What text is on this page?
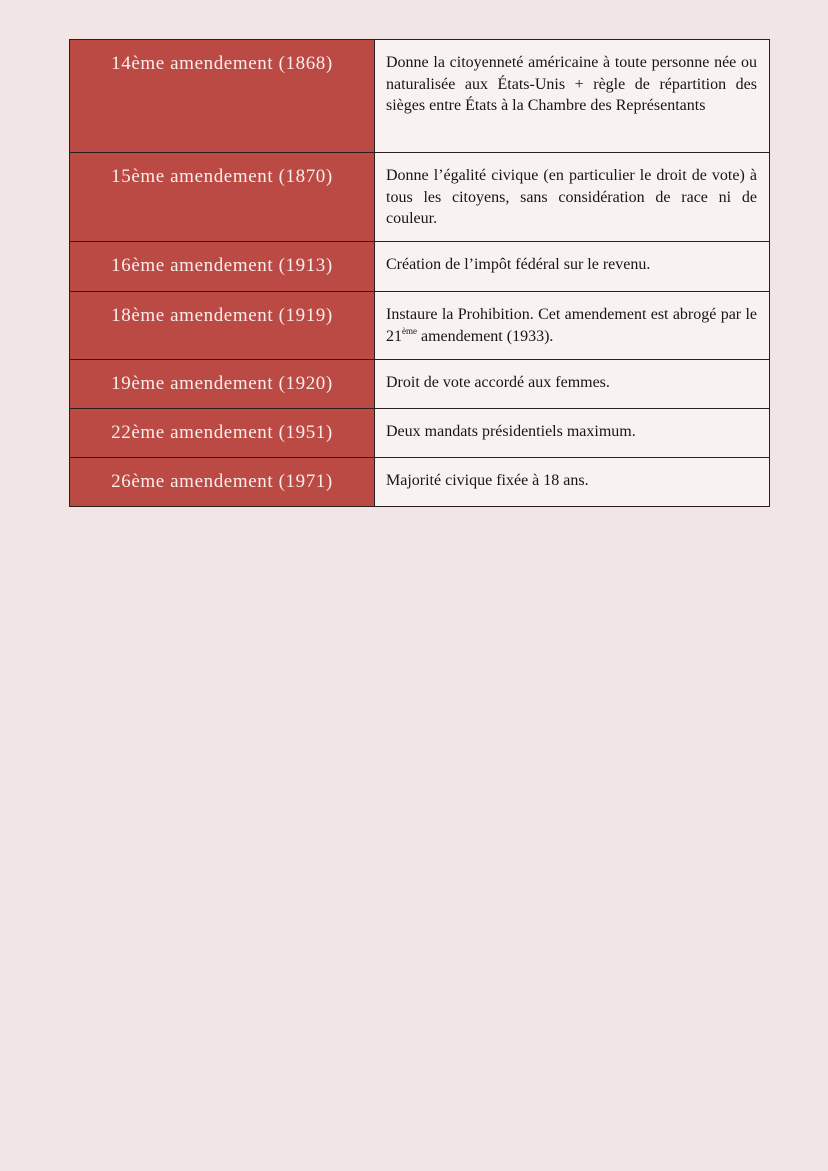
14ème amendement (1868)	Donne la citoyenneté américaine à toute personne née ou naturalisée aux États-Unis + règle de répartition des sièges entre États à la Chambre des Représentants
15ème amendement (1870)	Donne l’égalité civique (en particulier le droit de vote) à tous les citoyens, sans considération de race ni de couleur.
16ème amendement (1913)	Création de l’impôt fédéral sur le revenu.
18ème amendement (1919)	Instaure la Prohibition. Cet amendement est abrogé par le 21ème amendement (1933).
19ème amendement (1920)	Droit de vote accordé aux femmes.
22ème amendement (1951)	Deux mandats présidentiels maximum.
26ème amendement (1971)	Majorité civique fixée à 18 ans.
